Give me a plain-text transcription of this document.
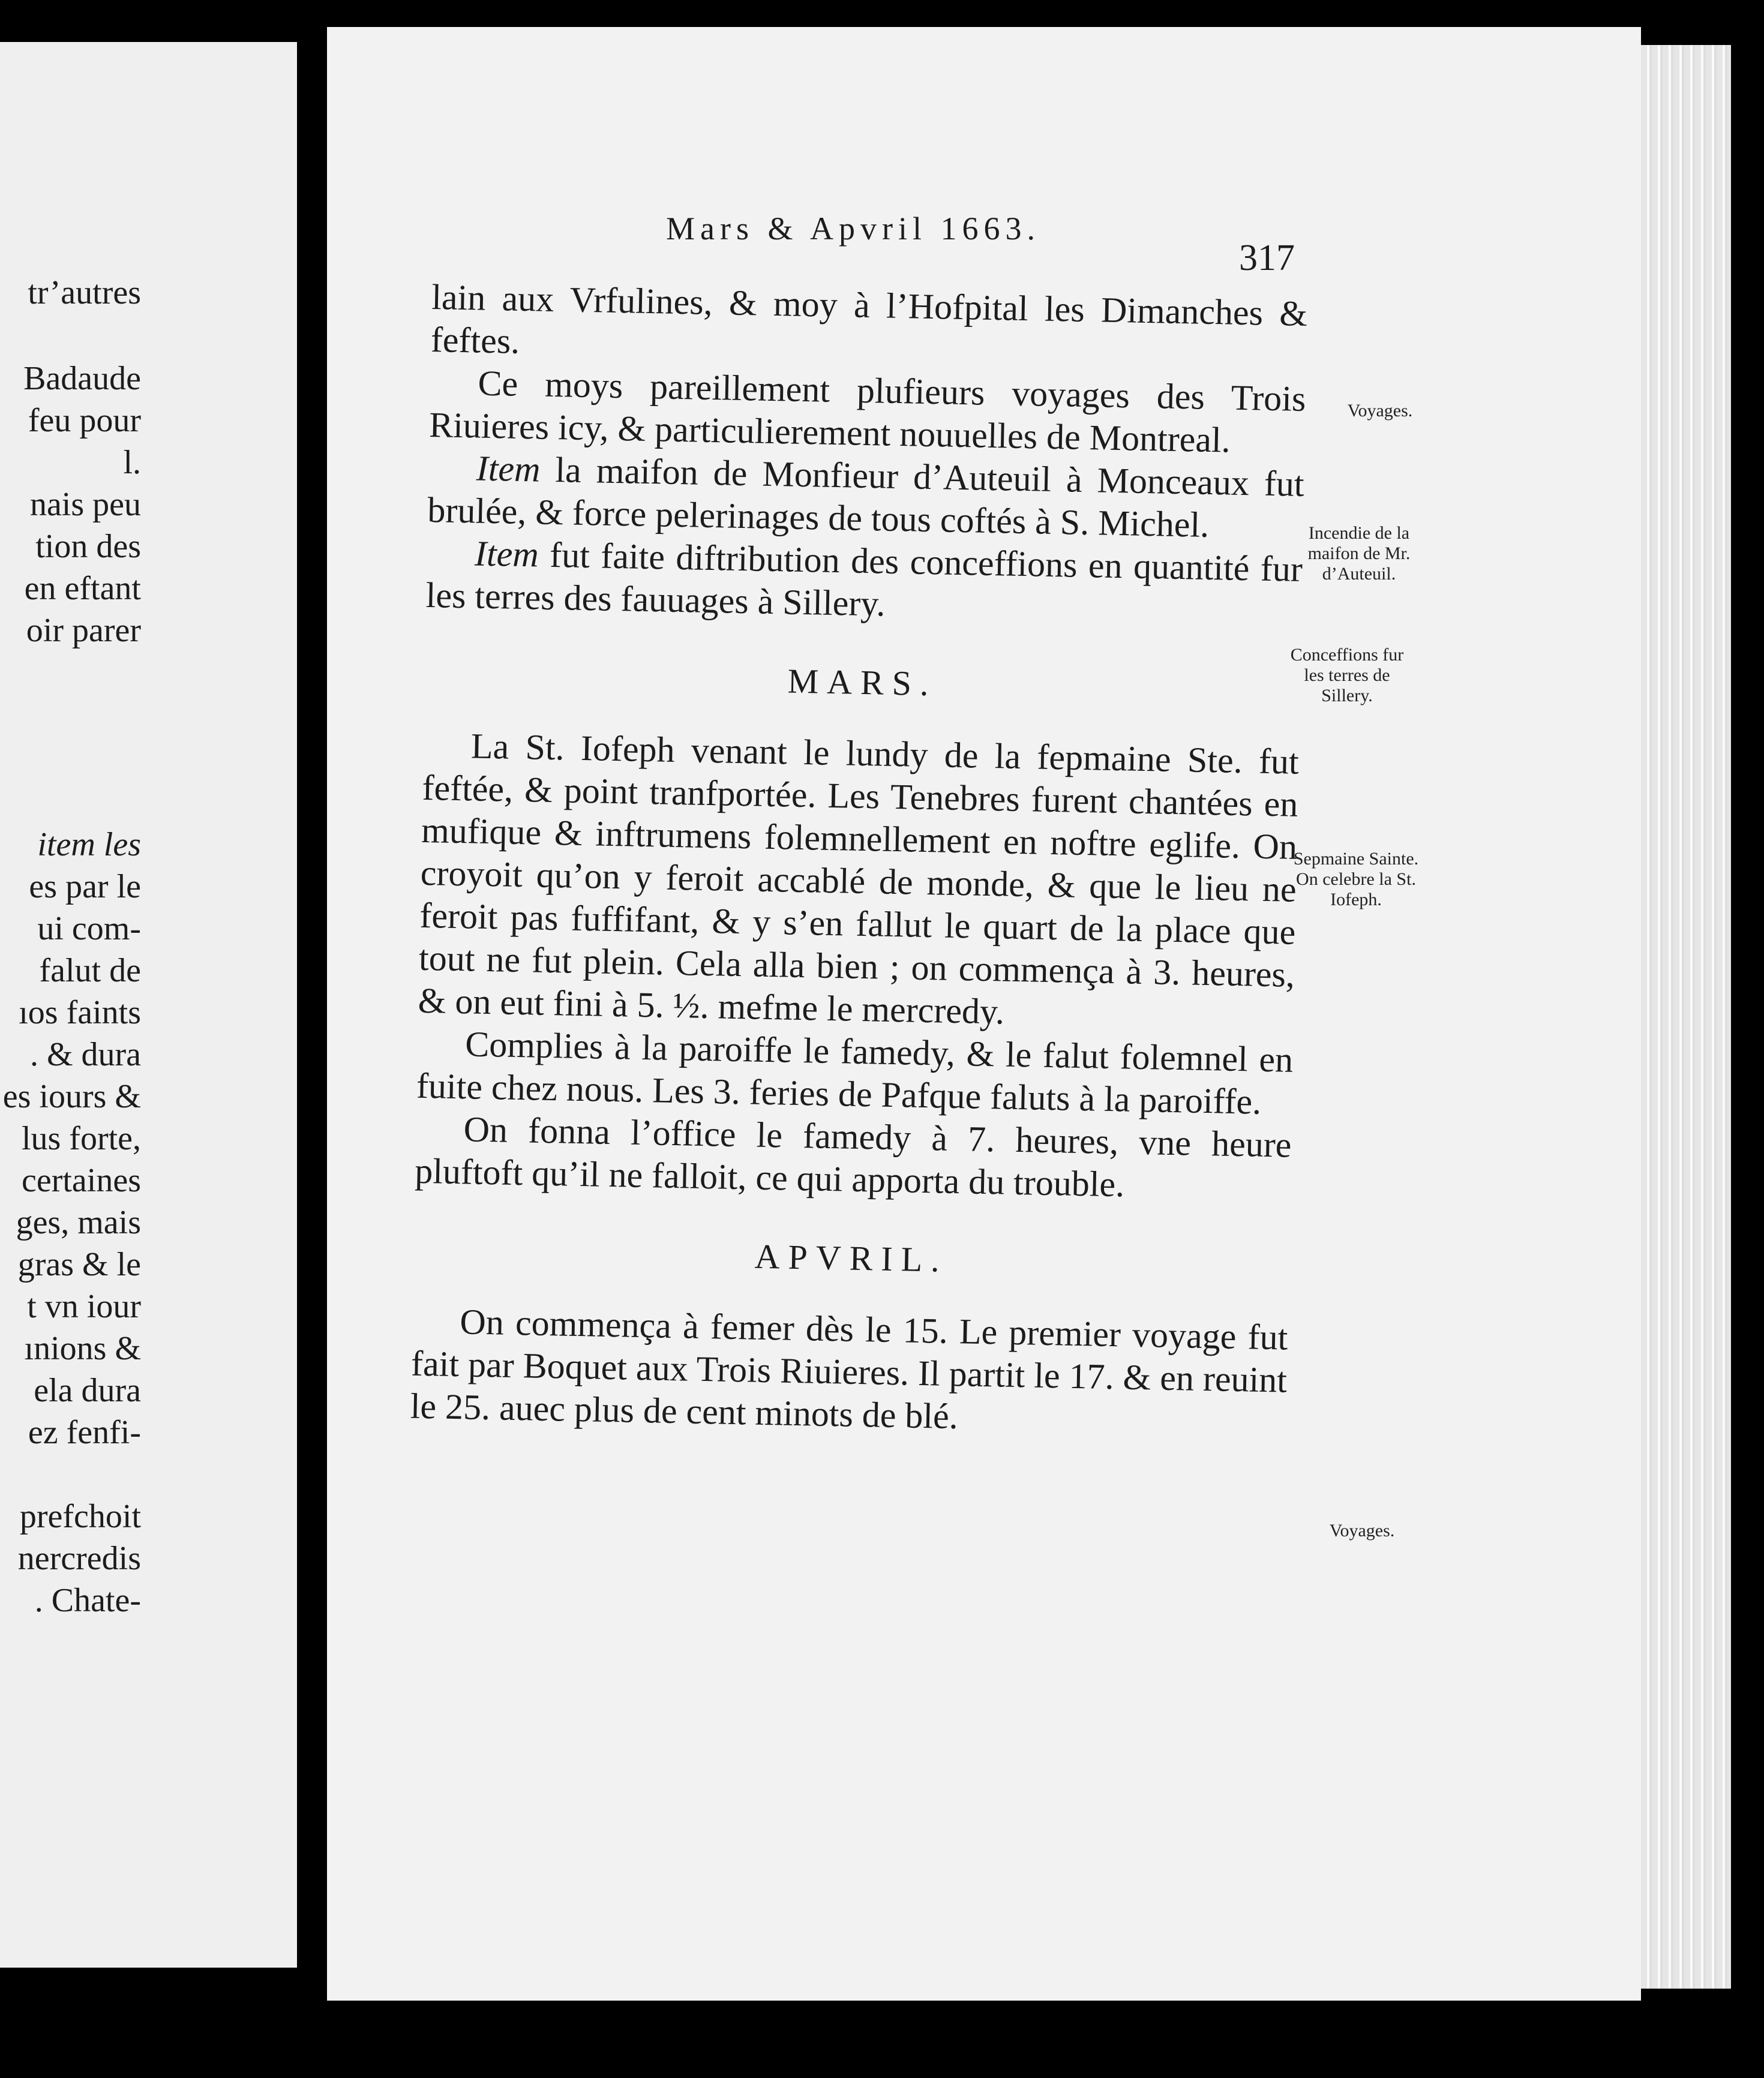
tr’autres
Badaude
feu pour
l.
nais peu
tion des
en eftant
oir parer
item les
es par le
ui com-
falut de
ıos faints
. & dura
es iours &
lus forte,
certaines
ges, mais
gras & le
t vn iour
ınions &
ela dura
ez fenfi-
prefchoit
nercredis
. Chate-
Mars & Apvril 1663.
317

lain aux Vrfulines, & moy à l’Hofpital les Dimanches & feftes.

Ce moys pareillement plufieurs voyages des Trois Riuieres icy, & particulierement nouuelles de Montreal.

Item la maifon de Monfieur d’Auteuil à Monceaux fut brulée, & force pelerinages de tous coftés à S. Michel.

Item fut faite diftribution des conceffions en quantité fur les terres des fauuages à Sillery.

MARS.

La St. Iofeph venant le lundy de la fepmaine Ste. fut feftée, & point tranfportée. Les Tenebres furent chantées en mufique & inftrumens folemnellement en noftre eglife. On croyoit qu’on y feroit accablé de monde, & que le lieu ne feroit pas fuffifant, & y s’en fallut le quart de la place que tout ne fut plein. Cela alla bien ; on commença à 3. heures, & on eut fini à 5. ½. mefme le mercredy.

Complies à la paroiffe le famedy, & le falut folemnel en fuite chez nous. Les 3. feries de Pafque faluts à la paroiffe.

On fonna l’office le famedy à 7. heures, vne heure pluftoft qu’il ne falloit, ce qui apporta du trouble.

APVRIL.

On commença à femer dès le 15. Le premier voyage fut fait par Boquet aux Trois Riuieres. Il partit le 17. & en reuint le 25. auec plus de cent minots de blé.

Voyages.
Incendie de la maifon de Mr. d’Auteuil.
Conceffions fur les terres de Sillery.
Sepmaine Sainte. On celebre la St. Iofeph.
Voyages.
